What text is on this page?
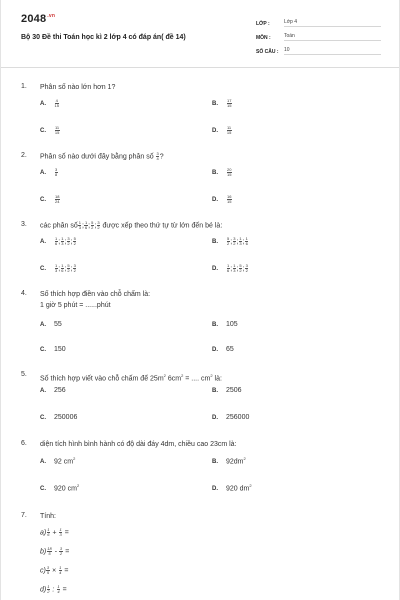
$2048^{.vn}$
Bộ 30 Đề thi Toán học kì 2 lớp 4 có đáp án( đề 14)
LỚP :	Lớp 4
MÔN :	Toán
SỐ CÂU :	10
1. Phân số nào lớn hơn 1?
A. $\frac{4}{15}$	B. $\frac{17}{15}$
C. $\frac{11}{15}$	D. $\frac{11}{15}$
2. Phân số nào dưới đây bằng phân số $\frac{3}{4}$ ?
A. $\frac{3}{8}$	B. $\frac{20}{15}$
C. $\frac{18}{24}$	D. $\frac{16}{15}$
3. các phân số $\frac{1}{3}$ ; $\frac{1}{6}$ ; $\frac{5}{2}$ ; $\frac{3}{2}$ được xếp theo thứ tự từ lớn đến bé là:
A. $\frac{1}{6}$ ; $\frac{1}{3}$ ; $\frac{3}{2}$ ; $\frac{5}{2}$	B. $\frac{5}{2}$ ; $\frac{3}{2}$ ; $\frac{1}{3}$ ; $\frac{1}{6}$
C. $\frac{1}{3}$ ; $\frac{1}{6}$ ; $\frac{5}{2}$ ; $\frac{3}{2}$	D. $\frac{1}{6}$ ; $\frac{1}{3}$ ; $\frac{5}{2}$ ; $\frac{3}{2}$
4. Số thích hợp điền vào chỗ chấm là:
1 giờ 5 phút = ......phút
A. 55	B. 105
C. 150	D. 65
5.
Số thích hợp viết vào chỗ chấm để $25m^2$ $6cm^2$ = .... $cm^2$ là:
A. 256	B. 2506
C. 250006	D. 256000
6. diện tích hình bình hành có độ dài đáy 4dm, chiều cao 23cm là:
A. 92 $cm^2$
B. $92dm^2$
C. 920 $cm^2$
D. 920 $dm^2$
7. Tính:
$a) \frac{1}{6} + \frac{1}{3}$ =
$b) \frac{18}{5} - \frac{3}{2}$ =
$c) \frac{3}{5} \times \frac{1}{4}$ =
$d) \frac{1}{2}$ : $\frac{1}{4}$ =
